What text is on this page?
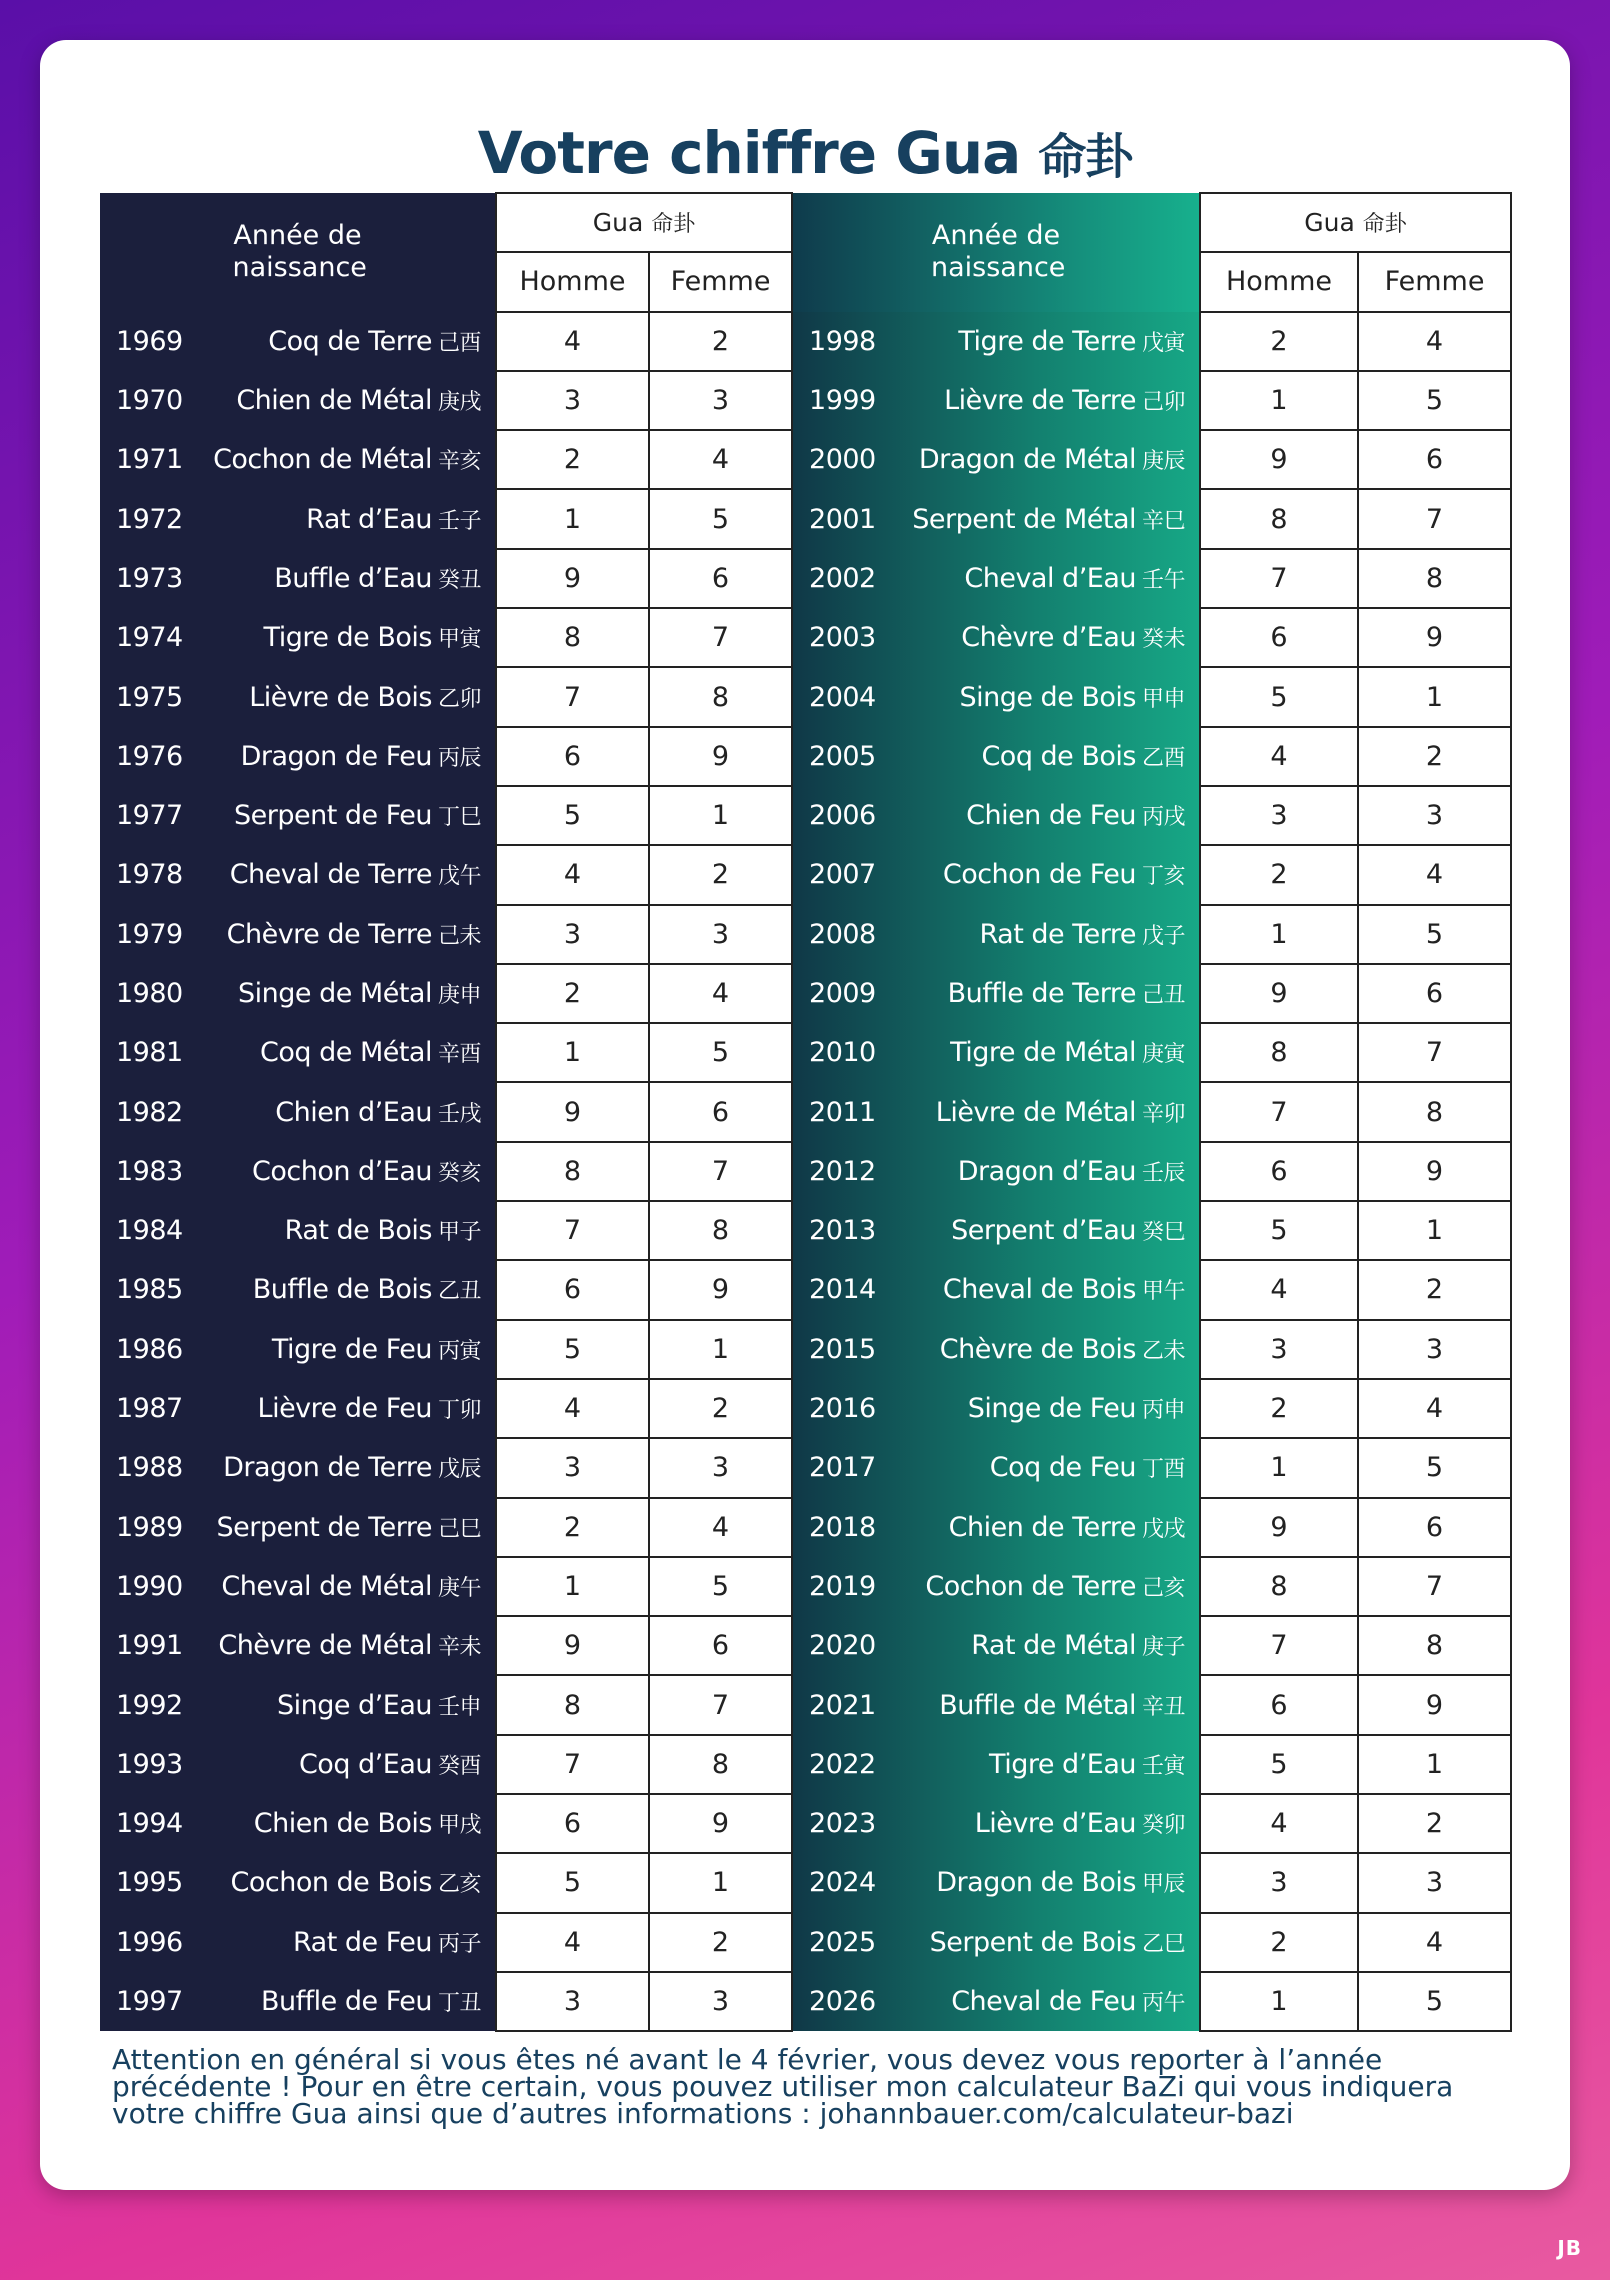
Votre chiffre Gua 命卦
Année de naissance	Gua 命卦		Année de naissance	Gua 命卦	
	Homme	Femme		Homme	Femme

1969 Coq de Terre 己酉	4	2	1998 Tigre de Terre 戊寅	2	4

1970 Chien de Métal 庚戌	3	3	1999 Lièvre de Terre 己卯	1	5

1971 Cochon de Métal 辛亥	2	4	2000 Dragon de Métal 庚辰	9	6

1972 Rat d’Eau 壬子	1	5	2001 Serpent de Métal 辛巳	8	7

1973 Buffle d’Eau 癸丑	9	6	2002 Cheval d’Eau 壬午	7	8

1974 Tigre de Bois 甲寅	8	7	2003 Chèvre d’Eau 癸未	6	9

1975 Lièvre de Bois 乙卯	7	8	2004 Singe de Bois 甲申	5	1

1976 Dragon de Feu 丙辰	6	9	2005 Coq de Bois 乙酉	4	2

1977 Serpent de Feu 丁巳	5	1	2006 Chien de Feu 丙戌	3	3

1978 Cheval de Terre 戊午	4	2	2007 Cochon de Feu 丁亥	2	4

1979 Chèvre de Terre 己未	3	3	2008 Rat de Terre 戊子	1	5

1980 Singe de Métal 庚申	2	4	2009 Buffle de Terre 己丑	9	6

1981 Coq de Métal 辛酉	1	5	2010 Tigre de Métal 庚寅	8	7

1982 Chien d’Eau 壬戌	9	6	2011 Lièvre de Métal 辛卯	7	8

1983 Cochon d’Eau 癸亥	8	7	2012 Dragon d’Eau 壬辰	6	9

1984 Rat de Bois 甲子	7	8	2013 Serpent d’Eau 癸巳	5	1

1985 Buffle de Bois 乙丑	6	9	2014 Cheval de Bois 甲午	4	2

1986 Tigre de Feu 丙寅	5	1	2015 Chèvre de Bois 乙未	3	3

1987 Lièvre de Feu 丁卯	4	2	2016 Singe de Feu 丙申	2	4

1988 Dragon de Terre 戊辰	3	3	2017 Coq de Feu 丁酉	1	5

1989 Serpent de Terre 己巳	2	4	2018 Chien de Terre 戊戌	9	6

1990 Cheval de Métal 庚午	1	5	2019 Cochon de Terre 己亥	8	7

1991 Chèvre de Métal 辛未	9	6	2020 Rat de Métal 庚子	7	8

1992 Singe d’Eau 壬申	8	7	2021 Buffle de Métal 辛丑	6	9

1993 Coq d’Eau 癸酉	7	8	2022 Tigre d’Eau 壬寅	5	1

1994 Chien de Bois 甲戌	6	9	2023 Lièvre d’Eau 癸卯	4	2

1995 Cochon de Bois 乙亥	5	1	2024 Dragon de Bois 甲辰	3	3

1996 Rat de Feu 丙子	4	2	2025 Serpent de Bois 乙巳	2	4

1997 Buffle de Feu 丁丑	3	3	2026 Cheval de Feu 丙午	1	5
Attention en général si vous êtes né avant le 4 février, vous devez vous reporter à l’année précédente ! Pour en être certain, vous pouvez utiliser mon calculateur BaZi qui vous indiquera votre chiffre Gua ainsi que d’autres informations : johannbauer.com/calculateur-bazi
JB
